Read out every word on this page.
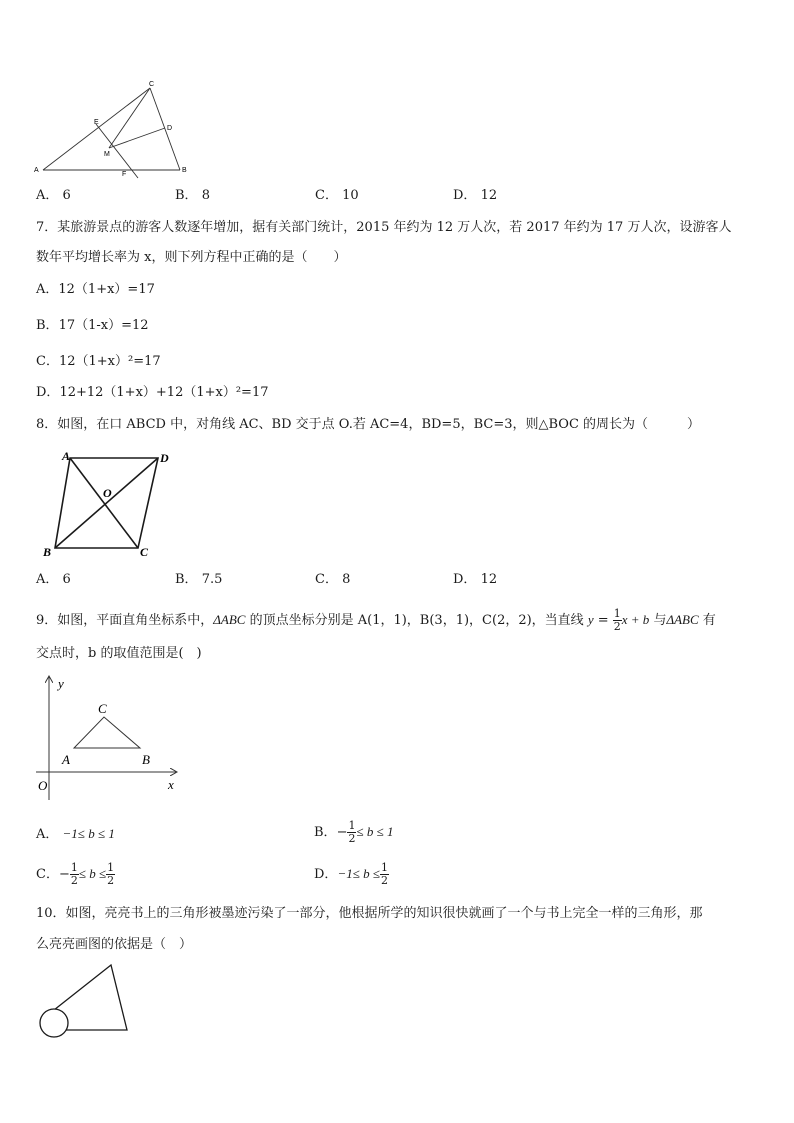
A	B
C
D
E
F
M
A． 6	B． 8	C． 10	D． 12
7．某旅游景点的游客人数逐年增加，据有关部门统计，2015 年约为 12 万人次，若 2017 年约为 17 万人次，设游客人
数年平均增长率为 x，则下列方程中正确的是（　　）
A．12（1+x）=17
B．17（1-x）=12
C．12（1+x）²=17
D．12+12（1+x）+12（1+x）²=17
8．如图，在口 ABCD 中，对角线 AC、BD 交于点 O.若 AC=4，BD=5，BC=3，则△BOC 的周长为（　　　）
A	D
B	C
O
A． 6	B． 7.5	C． 8	D． 12
9．如图，平面直角坐标系中，ΔABC 的顶点坐标分别是 A(1，1)，B(3，1)，C(2，2)，当直线 $y = \frac{1}{2}$ x + b 与ΔABC 有
交点时，b 的取值范围是(　)
y
x
O
A	B
C
A． −1≤ b ≤ 1	B．− $\frac{1}{2} \le b \le 1$
C．− $\frac{1}{2} \le b \le \frac{1}{2}$	D．$-1\le b \le \frac{1}{2}$
10．如图，亮亮书上的三角形被墨迹污染了一部分，他根据所学的知识很快就画了一个与书上完全一样的三角形，那
么亮亮画图的依据是（　）
